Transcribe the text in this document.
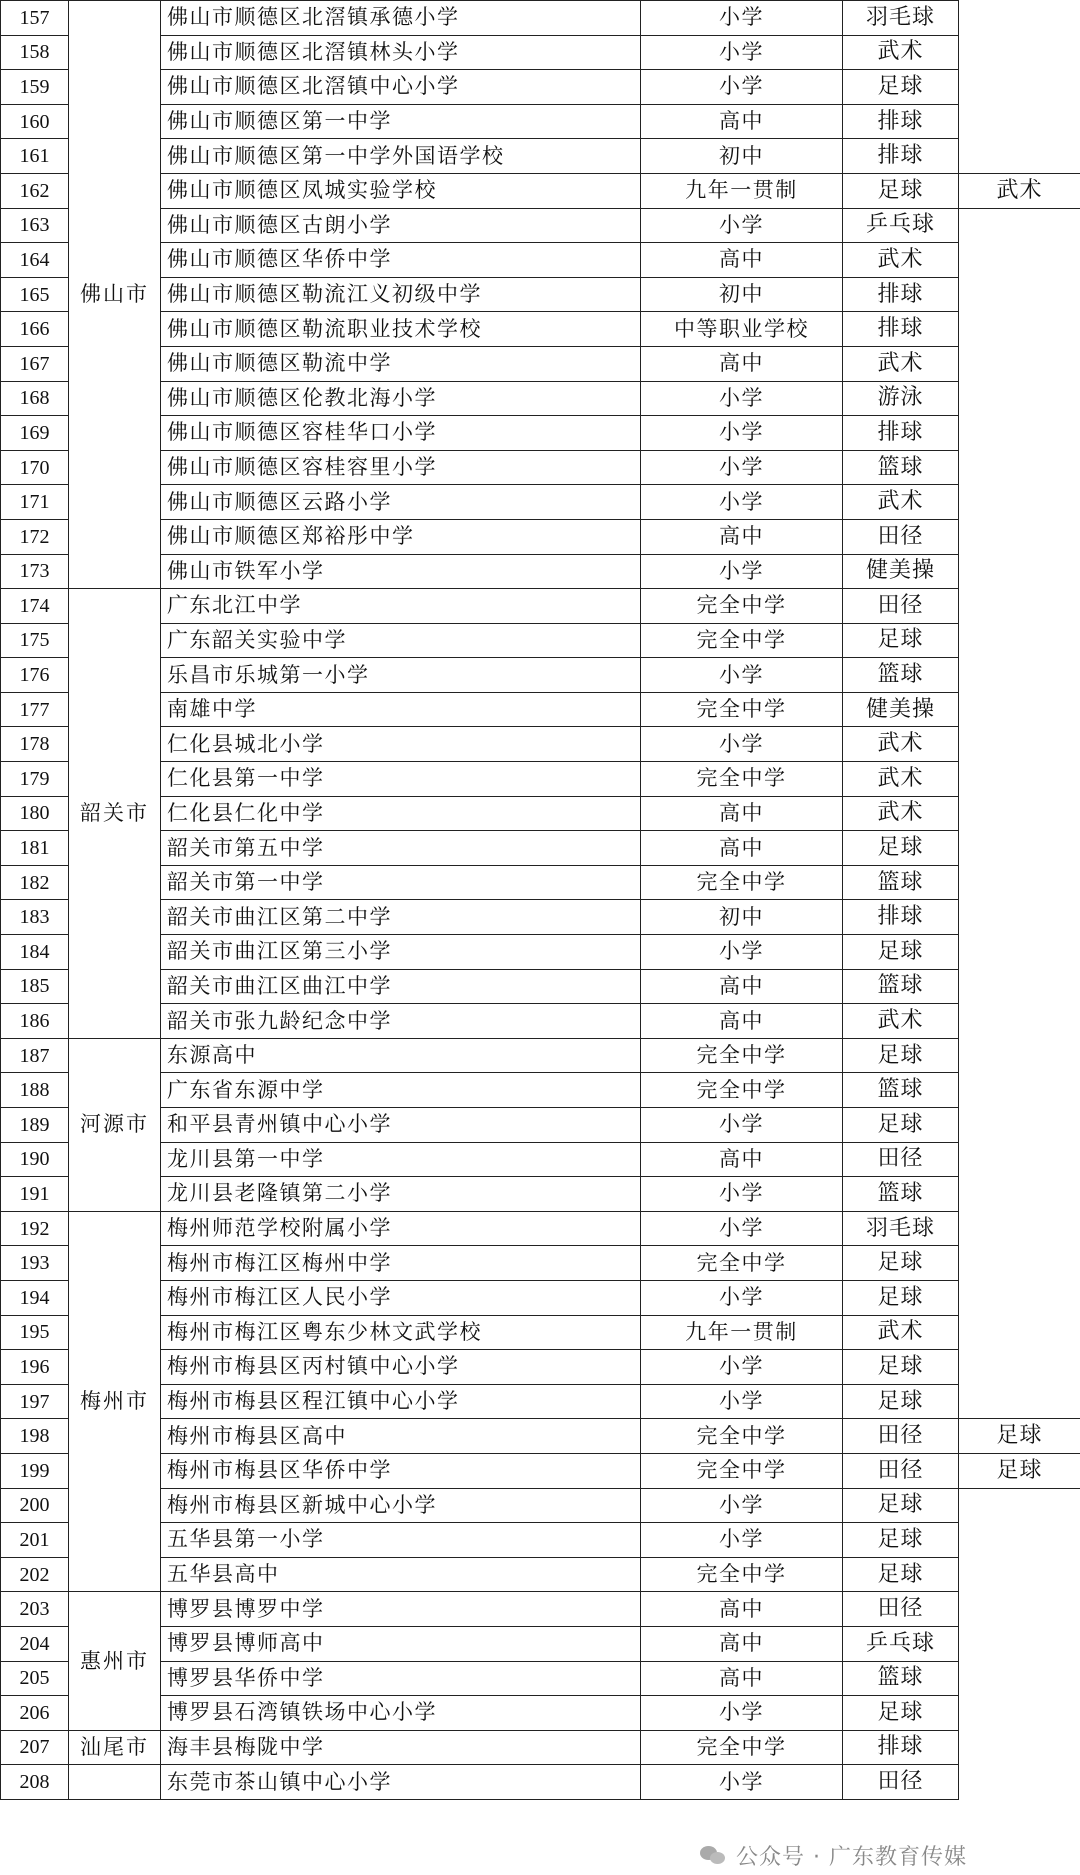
157	佛山市	佛山市顺德区北滘镇承德小学	小学	羽毛球	
158		佛山市顺德区北滘镇林头小学	小学	武术	
159		佛山市顺德区北滘镇中心小学	小学	足球	
160		佛山市顺德区第一中学	高中	排球	
161		佛山市顺德区第一中学外国语学校	初中	排球	
162		佛山市顺德区凤城实验学校	九年一贯制	足球	武术
163		佛山市顺德区古朗小学	小学	乒乓球	
164		佛山市顺德区华侨中学	高中	武术	
165		佛山市顺德区勒流江义初级中学	初中	排球	
166		佛山市顺德区勒流职业技术学校	中等职业学校	排球	
167		佛山市顺德区勒流中学	高中	武术	
168		佛山市顺德区伦教北海小学	小学	游泳	
169		佛山市顺德区容桂华口小学	小学	排球	
170		佛山市顺德区容桂容里小学	小学	篮球	
171		佛山市顺德区云路小学	小学	武术	
172		佛山市顺德区郑裕彤中学	高中	田径	
173		佛山市铁军小学	小学	健美操	
174	韶关市	广东北江中学	完全中学	田径	
175		广东韶关实验中学	完全中学	足球	
176		乐昌市乐城第一小学	小学	篮球	
177		南雄中学	完全中学	健美操	
178		仁化县城北小学	小学	武术	
179		仁化县第一中学	完全中学	武术	
180		仁化县仁化中学	高中	武术	
181		韶关市第五中学	高中	足球	
182		韶关市第一中学	完全中学	篮球	
183		韶关市曲江区第二中学	初中	排球	
184		韶关市曲江区第三小学	小学	足球	
185		韶关市曲江区曲江中学	高中	篮球	
186		韶关市张九龄纪念中学	高中	武术	
187	河源市	东源高中	完全中学	足球	
188		广东省东源中学	完全中学	篮球	
189		和平县青州镇中心小学	小学	足球	
190		龙川县第一中学	高中	田径	
191		龙川县老隆镇第二小学	小学	篮球	
192	梅州市	梅州师范学校附属小学	小学	羽毛球	
193		梅州市梅江区梅州中学	完全中学	足球	
194		梅州市梅江区人民小学	小学	足球	
195		梅州市梅江区粤东少林文武学校	九年一贯制	武术	
196		梅州市梅县区丙村镇中心小学	小学	足球	
197		梅州市梅县区程江镇中心小学	小学	足球	
198		梅州市梅县区高中	完全中学	田径	足球
199		梅州市梅县区华侨中学	完全中学	田径	足球
200		梅州市梅县区新城中心小学	小学	足球	
201		五华县第一小学	小学	足球	
202		五华县高中	完全中学	足球	
203	惠州市	博罗县博罗中学	高中	田径	
204		博罗县博师高中	高中	乒乓球	
205		博罗县华侨中学	高中	篮球	
206		博罗县石湾镇铁场中心小学	小学	足球	
207	汕尾市	海丰县梅陇中学	完全中学	排球	
208		东莞市茶山镇中心小学	小学	田径	
公众号 · 广东教育传媒
